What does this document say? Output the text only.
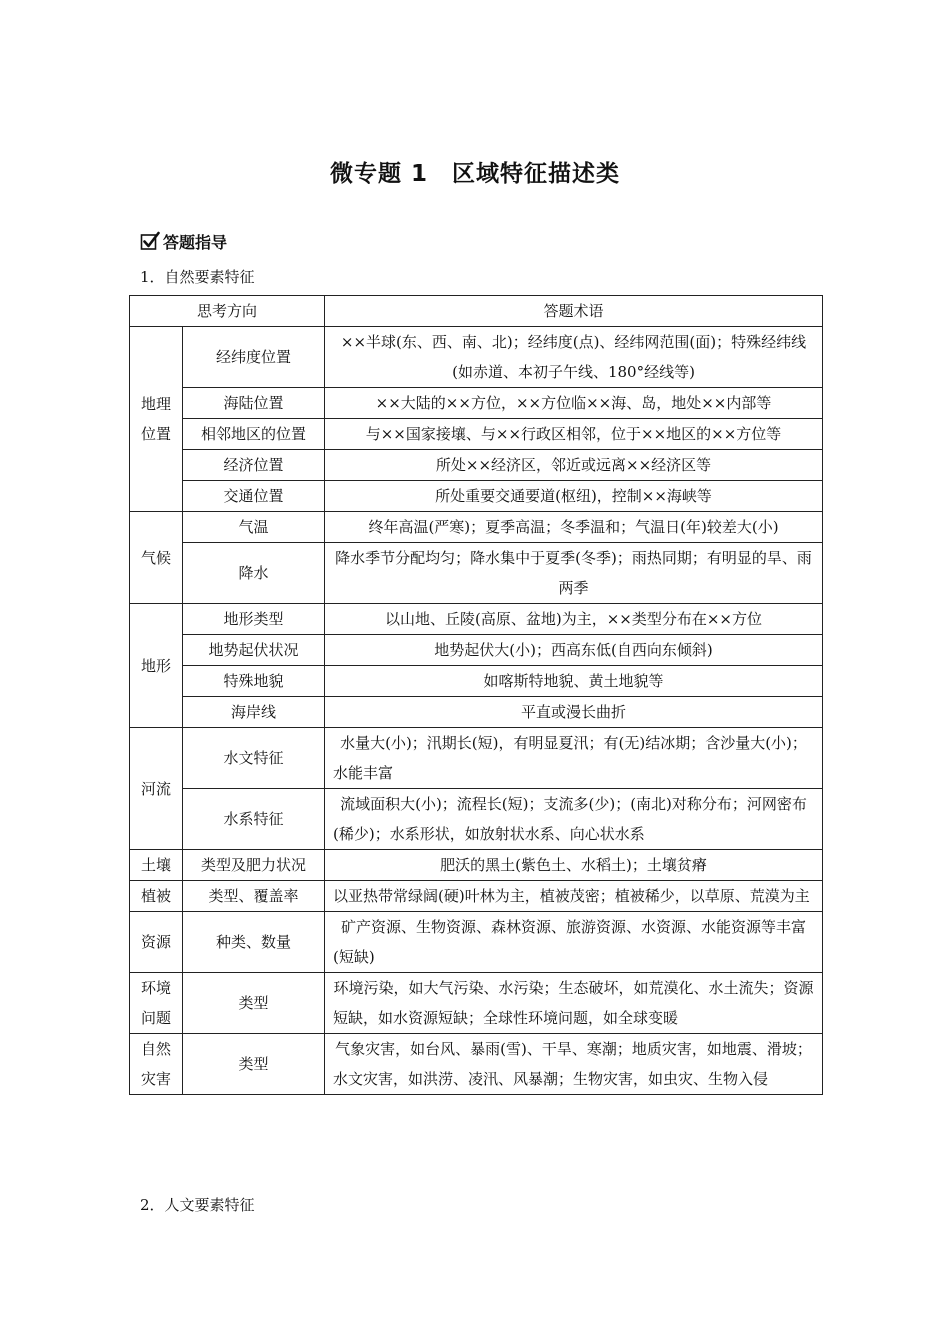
微专题 1　区域特征描述类
答题指导
1．自然要素特征
思考方向		答题术语
地理
位置	经纬度位置	××半球(东、西、南、北)；经纬度(点)、经纬网范围(面)；特殊经纬线(如赤道、本初子午线、180°经线等)
	海陆位置	××大陆的××方位，××方位临××海、岛，地处××内部等
	相邻地区的位置	与××国家接壤、与××行政区相邻，位于××地区的××方位等
	经济位置	所处××经济区，邻近或远离××经济区等
	交通位置	所处重要交通要道(枢纽)，控制××海峡等
气候	气温	终年高温(严寒)；夏季高温；冬季温和；气温日(年)较差大(小)
	降水	降水季节分配均匀；降水集中于夏季(冬季)；雨热同期；有明显的旱、雨两季
地形	地形类型	以山地、丘陵(高原、盆地)为主，××类型分布在××方位
	地势起伏状况	地势起伏大(小)；西高东低(自西向东倾斜)
	特殊地貌	如喀斯特地貌、黄土地貌等
	海岸线	平直或漫长曲折
河流	水文特征	水量大(小)；汛期长(短)，有明显夏汛；有(无)结冰期；含沙量大(小)；水能丰富
	水系特征	流域面积大(小)；流程长(短)；支流多(少)；(南北)对称分布；河网密布(稀少)；水系形状，如放射状水系、向心状水系
土壤	类型及肥力状况	肥沃的黑土(紫色土、水稻土)；土壤贫瘠
植被	类型、覆盖率	以亚热带常绿阔(硬)叶林为主，植被茂密；植被稀少，以草原、荒漠为主
资源	种类、数量	矿产资源、生物资源、森林资源、旅游资源、水资源、水能资源等丰富(短缺)
环境
问题	类型	环境污染，如大气污染、水污染；生态破坏，如荒漠化、水土流失；资源短缺，如水资源短缺；全球性环境问题，如全球变暖
自然
灾害	类型	气象灾害，如台风、暴雨(雪)、干旱、寒潮；地质灾害，如地震、滑坡；水文灾害，如洪涝、凌汛、风暴潮；生物灾害，如虫灾、生物入侵
2．人文要素特征
